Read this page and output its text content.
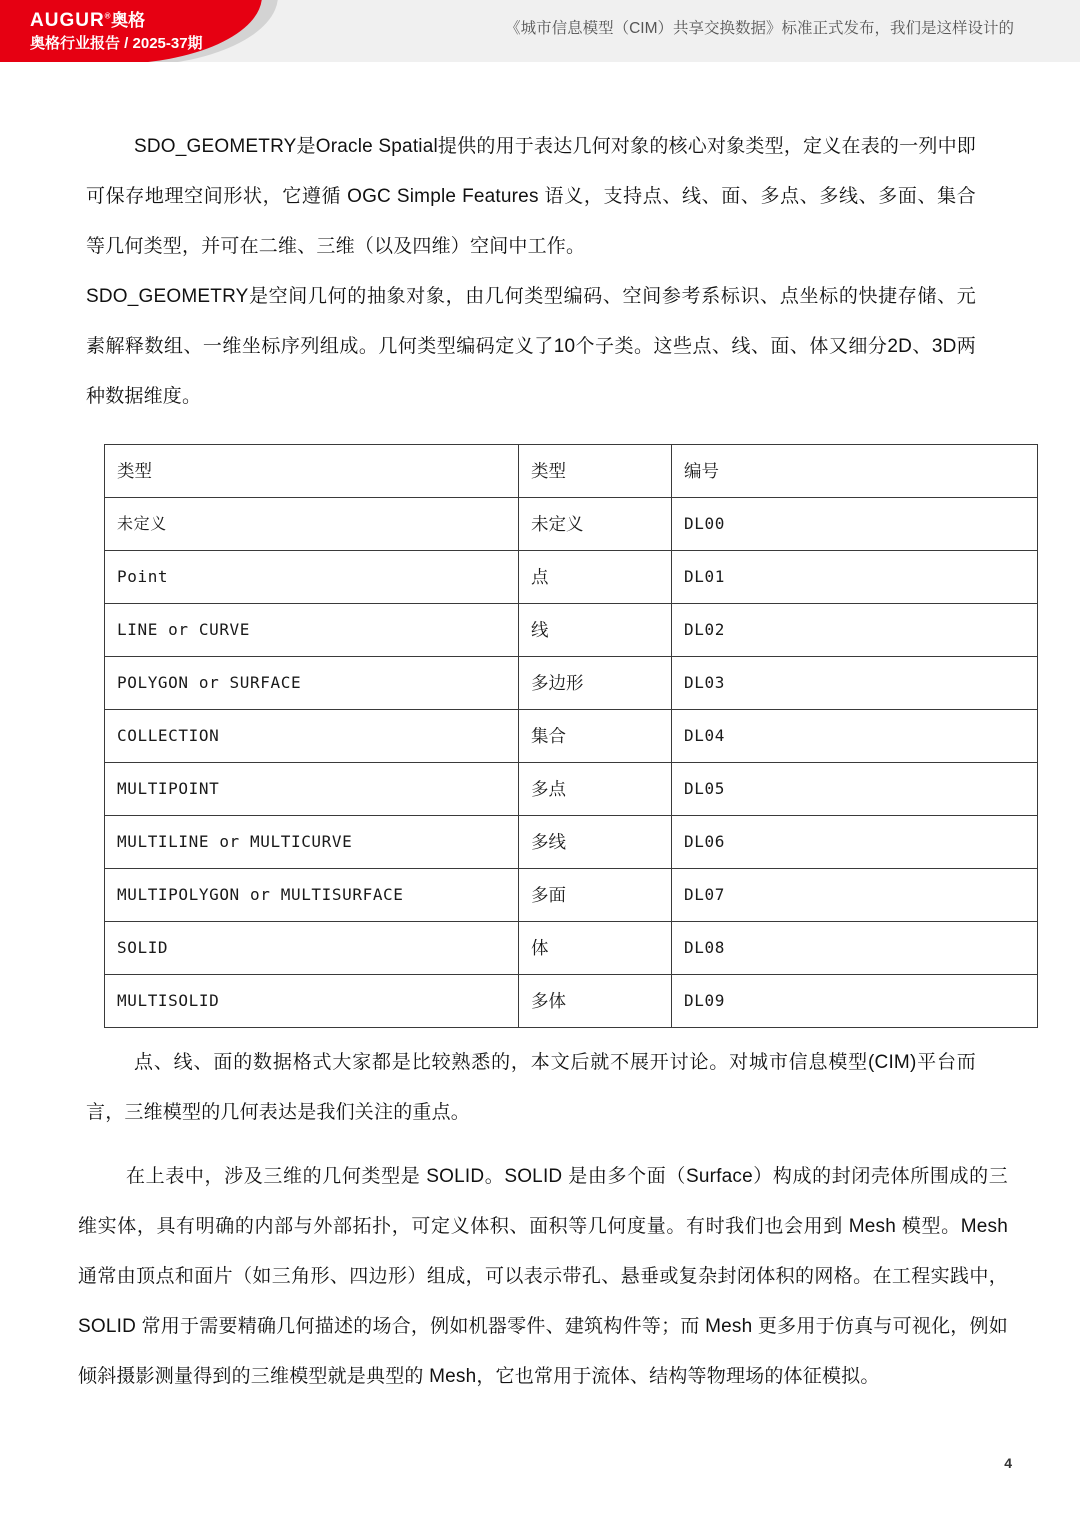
AUGUR®奥格
奥格行业报告 / 2025-37期
《城市信息模型（CIM）共享交换数据》标准正式发布，我们是这样设计的
SDO_GEOMETRY是Oracle Spatial提供的用于表达几何对象的核心对象类型，定义在表的一列中即可保存地理空间形状，它遵循 OGC Simple Features 语义，支持点、线、面、多点、多线、多面、集合等几何类型，并可在二维、三维（以及四维）空间中工作。
SDO_GEOMETRY是空间几何的抽象对象，由几何类型编码、空间参考系标识、点坐标的快捷存储、元素解释数组、一维坐标序列组成。几何类型编码定义了10个子类。这些点、线、面、体又细分2D、3D两种数据维度。
类型	类型	编号
未定义	未定义	DL00
Point	点	DL01
LINE or CURVE	线	DL02
POLYGON or SURFACE	多边形	DL03
COLLECTION	集合	DL04
MULTIPOINT	多点	DL05
MULTILINE or MULTICURVE	多线	DL06
MULTIPOLYGON or MULTISURFACE	多面	DL07
SOLID	体	DL08
MULTISOLID	多体	DL09
点、线、面的数据格式大家都是比较熟悉的，本文后就不展开讨论。对城市信息模型(CIM)平台而言，三维模型的几何表达是我们关注的重点。
在上表中，涉及三维的几何类型是 SOLID。SOLID 是由多个面（Surface）构成的封闭壳体所围成的三维实体，具有明确的内部与外部拓扑，可定义体积、面积等几何度量。有时我们也会用到 Mesh 模型。Mesh 通常由顶点和面片（如三角形、四边形）组成，可以表示带孔、悬垂或复杂封闭体积的网格。在工程实践中，SOLID 常用于需要精确几何描述的场合，例如机器零件、建筑构件等；而 Mesh 更多用于仿真与可视化，例如倾斜摄影测量得到的三维模型就是典型的 Mesh，它也常用于流体、结构等物理场的体征模拟。
4
